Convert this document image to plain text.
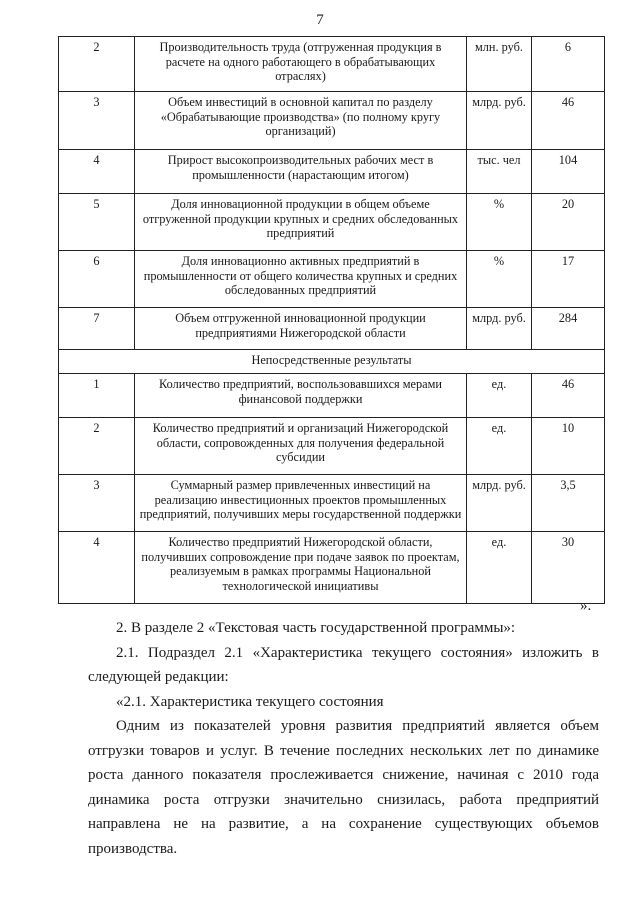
7
2	Производительность труда (отгруженная продукция в расчете на одного работающего в обрабатывающих отраслях)	млн. руб.	6
3	Объем инвестиций в основной капитал по разделу «Обрабатывающие производства» (по полному кругу организаций)	млрд. руб.	46
4	Прирост высокопроизводительных рабочих мест в промышленности (нарастающим итогом)	тыс. чел	104
5	Доля инновационной продукции в общем объеме отгруженной продукции крупных и средних обследованных предприятий	%	20
6	Доля инновационно активных предприятий в промышленности от общего количества крупных и средних обследованных предприятий	%	17
7	Объем отгруженной инновационной продукции предприятиями Нижегородской области	млрд. руб.	284
Непосредственные результаты			
1	Количество предприятий, воспользовавшихся мерами финансовой поддержки	ед.	46
2	Количество предприятий и организаций Нижегородской области, сопровожденных для получения федеральной субсидии	ед.	10
3	Суммарный размер привлеченных инвестиций на реализацию инвестиционных проектов промышленных предприятий, получивших меры государственной поддержки	млрд. руб.	3,5
4	Количество предприятий Нижегородской области, получивших сопровождение при подаче заявок по проектам, реализуемым в рамках программы Национальной технологической инициативы	ед.	30
».

2. В разделе 2 «Текстовая часть государственной программы»:

2.1. Подраздел 2.1 «Характеристика текущего состояния» изложить в следующей редакции:

«2.1. Характеристика текущего состояния

Одним из показателей уровня развития предприятий является объем отгрузки товаров и услуг. В течение последних нескольких лет по динамике роста данного показателя прослеживается снижение, начиная с 2010 года динамика роста отгрузки значительно снизилась, работа предприятий направлена не на развитие, а на сохранение существующих объемов производства.
